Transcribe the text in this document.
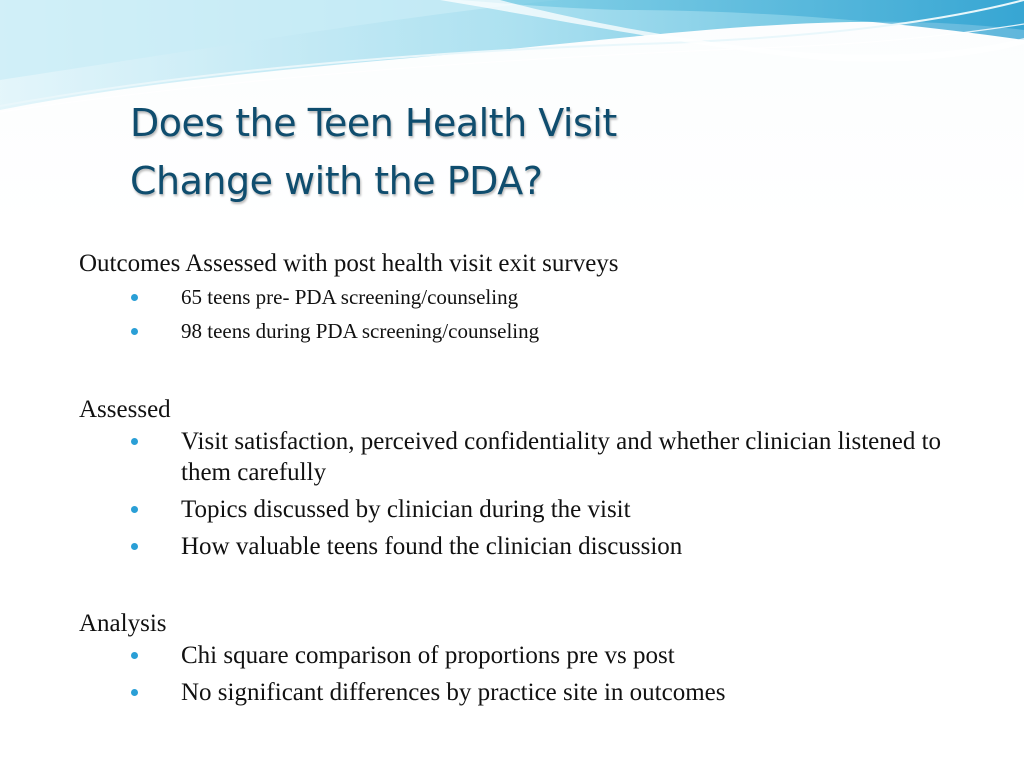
Does the Teen Health Visit
Change with the PDA?

Outcomes Assessed with post health visit exit surveys

65 teens pre- PDA screening/counseling
98 teens during PDA screening/counseling

Assessed

Visit satisfaction, perceived confidentiality and whether clinician listened to them carefully
Topics discussed by clinician during the visit
How valuable teens found the clinician discussion

Analysis

Chi square comparison of proportions pre vs post
No significant differences by practice site in outcomes
